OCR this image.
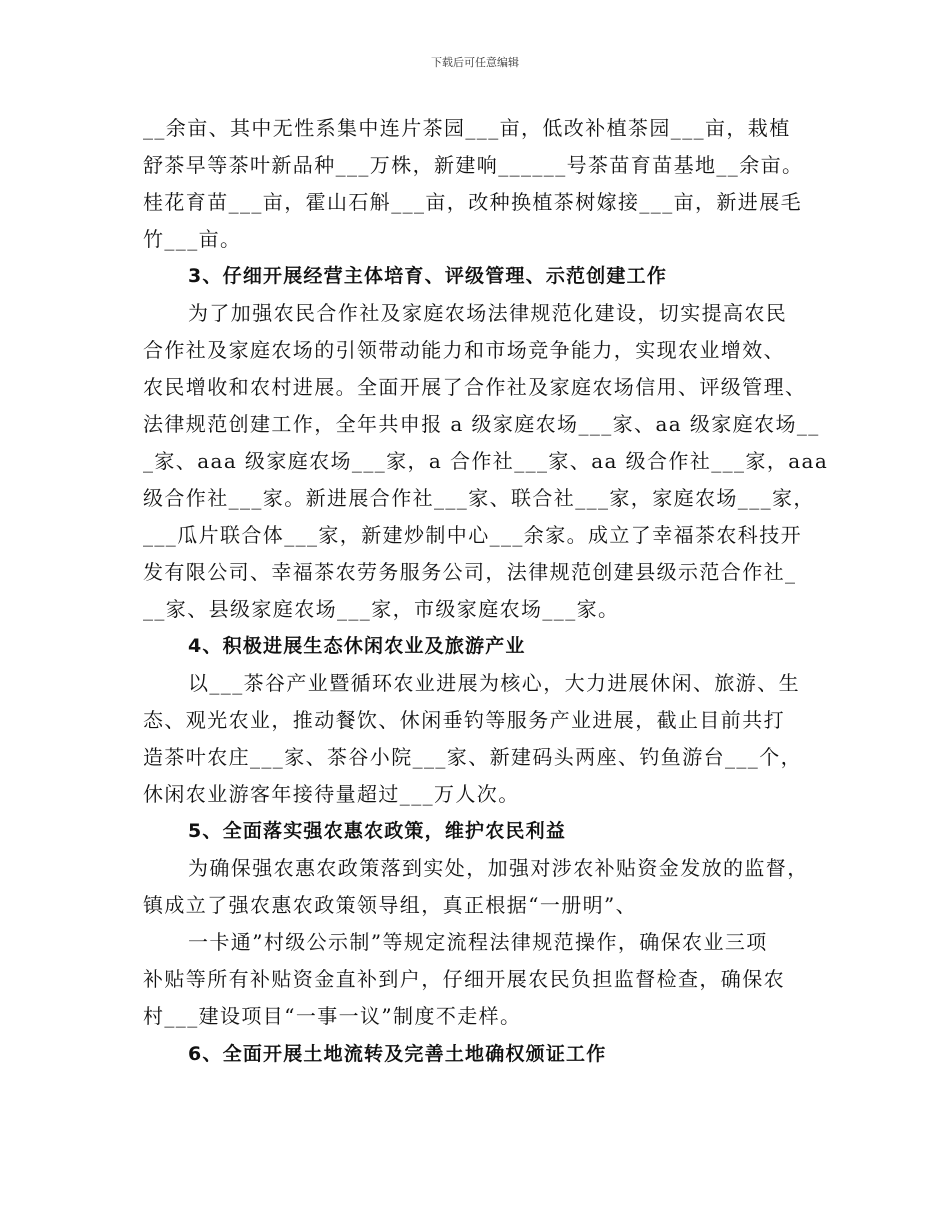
下载后可任意编辑
__余亩、其中无性系集中连片茶园___亩，低改补植茶园___亩，栽植
舒茶早等茶叶新品种___万株，新建响______号茶苗育苗基地__余亩。
桂花育苗___亩，霍山石斛___亩，改种换植茶树嫁接___亩，新进展毛
竹___亩。
3、仔细开展经营主体培育、评级管理、示范创建工作
为了加强农民合作社及家庭农场法律规范化建设，切实提高农民
合作社及家庭农场的引领带动能力和市场竞争能力，实现农业增效、
农民增收和农村进展。全面开展了合作社及家庭农场信用、评级管理、
法律规范创建工作，全年共申报 a 级家庭农场___家、aa 级家庭农场__
_家、aaa 级家庭农场___家，a 合作社___家、aa 级合作社___家，aaa
级合作社___家。新进展合作社___家、联合社___家，家庭农场___家，
___瓜片联合体___家，新建炒制中心___余家。成立了幸福茶农科技开
发有限公司、幸福茶农劳务服务公司，法律规范创建县级示范合作社_
__家、县级家庭农场___家，市级家庭农场___家。
4、积极进展生态休闲农业及旅游产业
以___茶谷产业暨循环农业进展为核心，大力进展休闲、旅游、生
态、观光农业，推动餐饮、休闲垂钓等服务产业进展，截止目前共打
造茶叶农庄___家、茶谷小院___家、新建码头两座、钓鱼游台___个，
休闲农业游客年接待量超过___万人次。
5、全面落实强农惠农政策，维护农民利益
为确保强农惠农政策落到实处，加强对涉农补贴资金发放的监督，
镇成立了强农惠农政策领导组，真正根据“一册明”、
一卡通”村级公示制”等规定流程法律规范操作，确保农业三项
补贴等所有补贴资金直补到户，仔细开展农民负担监督检查，确保农
村___建设项目“一事一议”制度不走样。
6、全面开展土地流转及完善土地确权颁证工作
